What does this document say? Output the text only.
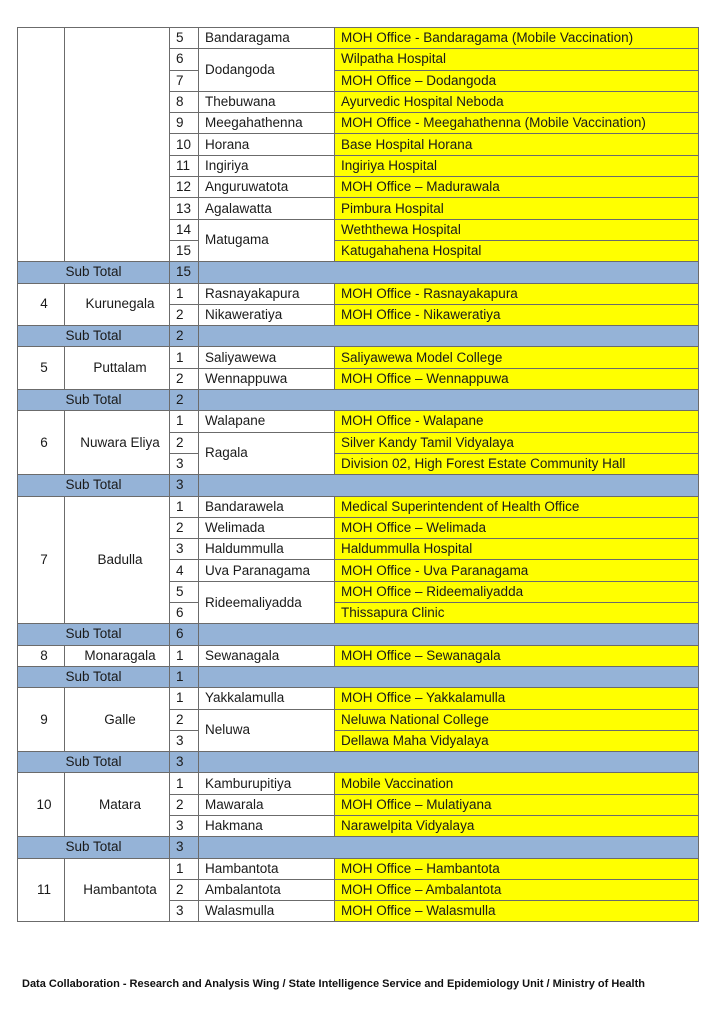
		5	Bandaragama	MOH Office - Bandaragama (Mobile Vaccination)
		6	Dodangoda	Wilpatha Hospital
		7		MOH Office – Dodangoda
		8	Thebuwana	Ayurvedic Hospital Neboda
		9	Meegahathenna	MOH Office - Meegahathenna (Mobile Vaccination)
		10	Horana	Base Hospital Horana
		11	Ingiriya	Ingiriya Hospital
		12	Anguruwatota	MOH Office – Madurawala
		13	Agalawatta	Pimbura Hospital
		14	Matugama	Weththewa Hospital
		15		Katugahahena Hospital
Sub Total		15		
4	Kurunegala	1	Rasnayakapura	MOH Office - Rasnayakapura
		2	Nikaweratiya	MOH Office - Nikaweratiya
Sub Total		2		
5	Puttalam	1	Saliyawewa	Saliyawewa Model College
		2	Wennappuwa	MOH Office – Wennappuwa
Sub Total		2		
6	Nuwara Eliya	1	Walapane	MOH Office - Walapane
		2	Ragala	Silver Kandy Tamil Vidyalaya
		3		Division 02, High Forest Estate Community Hall
Sub Total		3		
7	Badulla	1	Bandarawela	Medical Superintendent of Health Office
		2	Welimada	MOH Office – Welimada
		3	Haldummulla	Haldummulla Hospital
		4	Uva Paranagama	MOH Office - Uva Paranagama
		5	Rideemaliyadda	MOH Office – Rideemaliyadda
		6		Thissapura Clinic
Sub Total		6		
8	Monaragala	1	Sewanagala	MOH Office – Sewanagala
Sub Total		1		
9	Galle	1	Yakkalamulla	MOH Office – Yakkalamulla
		2	Neluwa	Neluwa National College
		3		Dellawa Maha Vidyalaya
Sub Total		3		
10	Matara	1	Kamburupitiya	Mobile Vaccination
		2	Mawarala	MOH Office – Mulatiyana
		3	Hakmana	Narawelpita Vidyalaya
Sub Total		3		
11	Hambantota	1	Hambantota	MOH Office – Hambantota
		2	Ambalantota	MOH Office – Ambalantota
		3	Walasmulla	MOH Office – Walasmulla
Data Collaboration - Research and Analysis Wing / State Intelligence Service and Epidemiology Unit / Ministry of Health
